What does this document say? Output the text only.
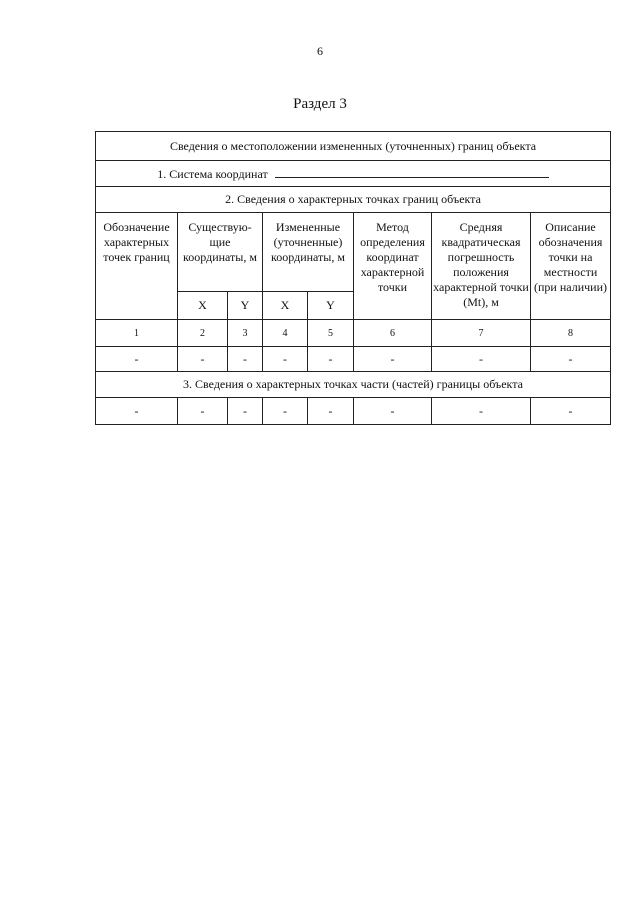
6
Раздел 3
Сведения о местоположении измененных (уточненных) границ объекта							
1. Система координат							
2. Сведения о характерных точках границ объекта							
Обозначение характерных точек границ	Существую-щие координаты, м		Измененные (уточненные) координаты, м		Метод определения координат характерной точки	Средняя квадратическая погрешность положения характерной точки (Mt), м	Описание обозначения точки на местности (при наличии)
	X	Y	X	Y			
1	2	3	4	5	6	7	8
-	-	-	-	-	-	-	-
3. Сведения о характерных точках части (частей) границы объекта							
-	-	-	-	-	-	-	-
